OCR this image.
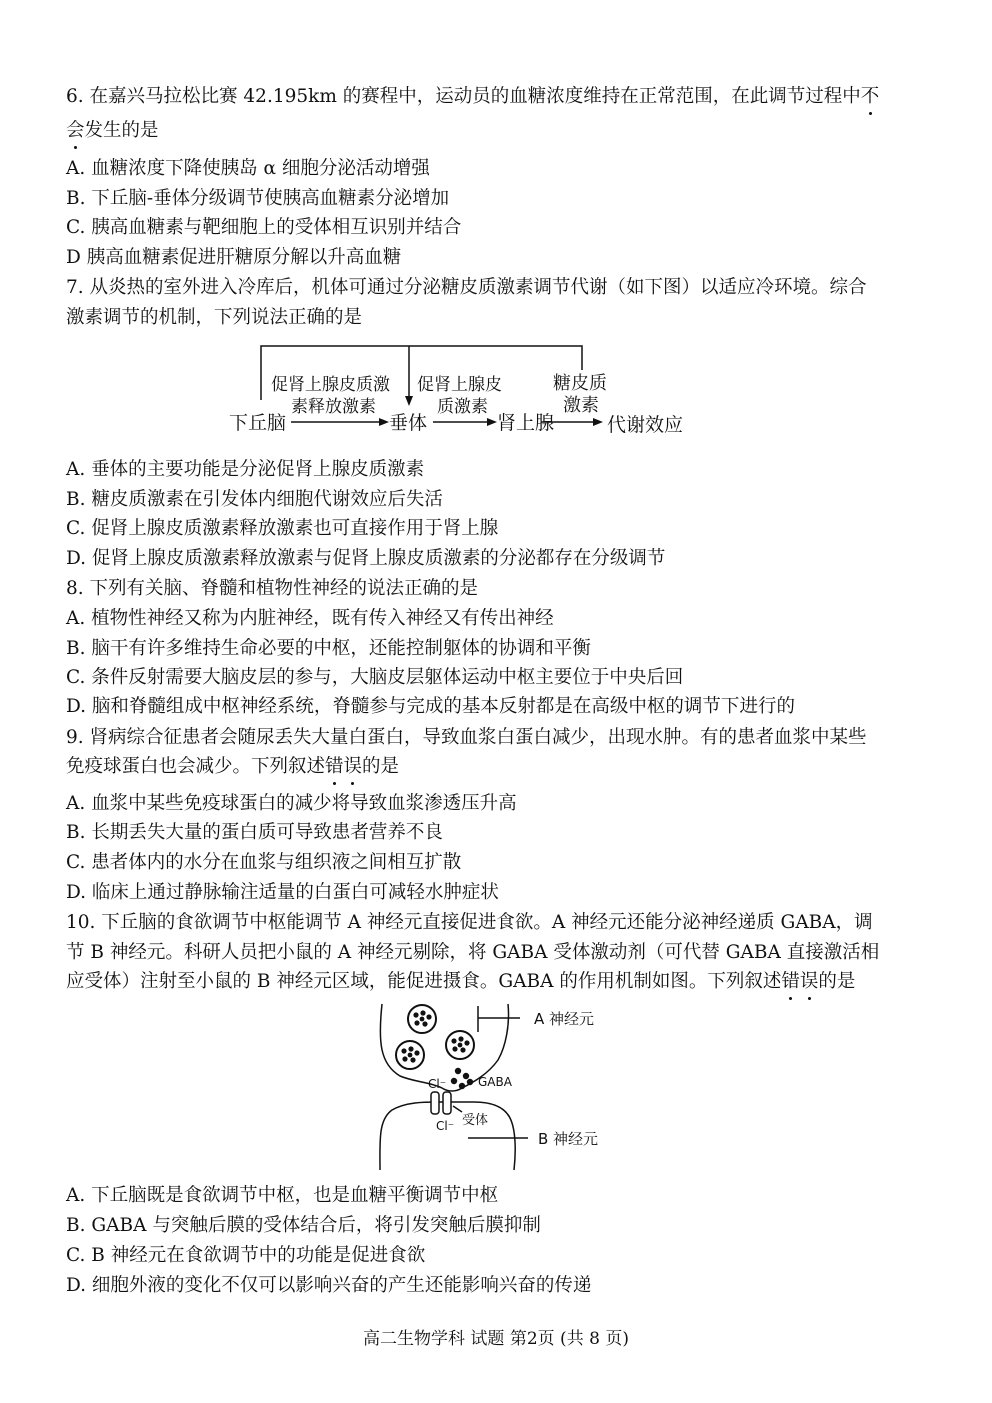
6. 在嘉兴马拉松比赛 42.195km 的赛程中，运动员的血糖浓度维持在正常范围，在此调节过程中不
会发生的是
A. 血糖浓度下降使胰岛 α 细胞分泌活动增强
B. 下丘脑-垂体分级调节使胰高血糖素分泌增加
C. 胰高血糖素与靶细胞上的受体相互识别并结合
D 胰高血糖素促进肝糖原分解以升高血糖
7. 从炎热的室外进入冷库后，机体可通过分泌糖皮质激素调节代谢（如下图）以适应冷环境。综合
激素调节的机制，下列说法正确的是
下丘脑	垂体	肾上腺	代谢效应
促肾上腺皮质激
素释放激素
促肾上腺皮
质激素
糖皮质
激素
A. 垂体的主要功能是分泌促肾上腺皮质激素
B. 糖皮质激素在引发体内细胞代谢效应后失活
C. 促肾上腺皮质激素释放激素也可直接作用于肾上腺
D. 促肾上腺皮质激素释放激素与促肾上腺皮质激素的分泌都存在分级调节
8. 下列有关脑、脊髓和植物性神经的说法正确的是
A. 植物性神经又称为内脏神经，既有传入神经又有传出神经
B. 脑干有许多维持生命必要的中枢，还能控制躯体的协调和平衡
C. 条件反射需要大脑皮层的参与，大脑皮层躯体运动中枢主要位于中央后回
D. 脑和脊髓组成中枢神经系统，脊髓参与完成的基本反射都是在高级中枢的调节下进行的
9. 肾病综合征患者会随尿丢失大量白蛋白，导致血浆白蛋白减少，出现水肿。有的患者血浆中某些
免疫球蛋白也会减少。下列叙述错误的是
A. 血浆中某些免疫球蛋白的减少将导致血浆渗透压升高
B. 长期丢失大量的蛋白质可导致患者营养不良
C. 患者体内的水分在血浆与组织液之间相互扩散
D. 临床上通过静脉输注适量的白蛋白可减轻水肿症状
10. 下丘脑的食欲调节中枢能调节 A 神经元直接促进食欲。A 神经元还能分泌神经递质 GABA，调
节 B 神经元。科研人员把小鼠的 A 神经元剔除，将 GABA 受体激动剂（可代替 GABA 直接激活相
应受体）注射至小鼠的 B 神经元区域，能促进摄食。GABA 的作用机制如图。下列叙述错误的是
Cl⁻
Cl⁻
GABA
受体
A 神经元
B 神经元
A. 下丘脑既是食欲调节中枢，也是血糖平衡调节中枢
B. GABA 与突触后膜的受体结合后，将引发突触后膜抑制
C. B 神经元在食欲调节中的功能是促进食欲
D. 细胞外液的变化不仅可以影响兴奋的产生还能影响兴奋的传递
高二生物学科 试题 第2页 (共 8 页)
